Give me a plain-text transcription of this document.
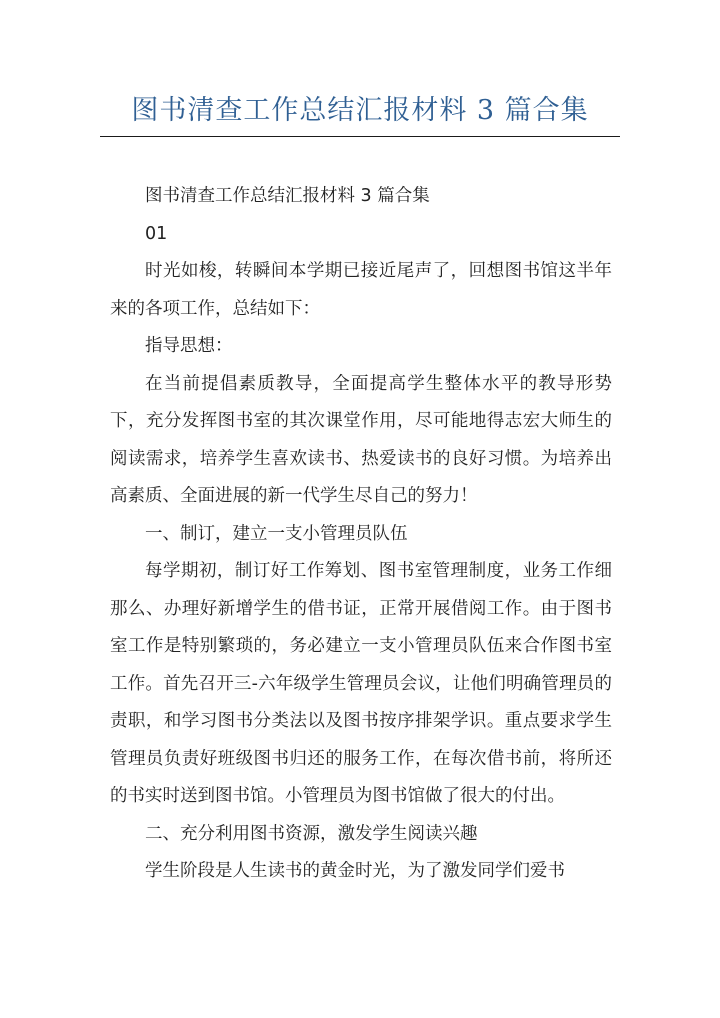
图书清查工作总结汇报材料 3 篇合集

图书清查工作总结汇报材料 3 篇合集

01

时光如梭，转瞬间本学期已接近尾声了，回想图书馆这半年来的各项工作，总结如下：

指导思想：

在当前提倡素质教导，全面提高学生整体水平的教导形势下，充分发挥图书室的其次课堂作用，尽可能地得志宏大师生的阅读需求，培养学生喜欢读书、热爱读书的良好习惯。为培养出高素质、全面进展的新一代学生尽自己的努力！

一、制订，建立一支小管理员队伍

每学期初，制订好工作筹划、图书室管理制度，业务工作细那么、办理好新增学生的借书证，正常开展借阅工作。由于图书室工作是特别繁琐的，务必建立一支小管理员队伍来合作图书室工作。首先召开三-六年级学生管理员会议，让他们明确管理员的责职，和学习图书分类法以及图书按序排架学识。重点要求学生管理员负责好班级图书归还的服务工作，在每次借书前，将所还的书实时送到图书馆。小管理员为图书馆做了很大的付出。

二、充分利用图书资源，激发学生阅读兴趣

学生阶段是人生读书的黄金时光，为了激发同学们爱书
